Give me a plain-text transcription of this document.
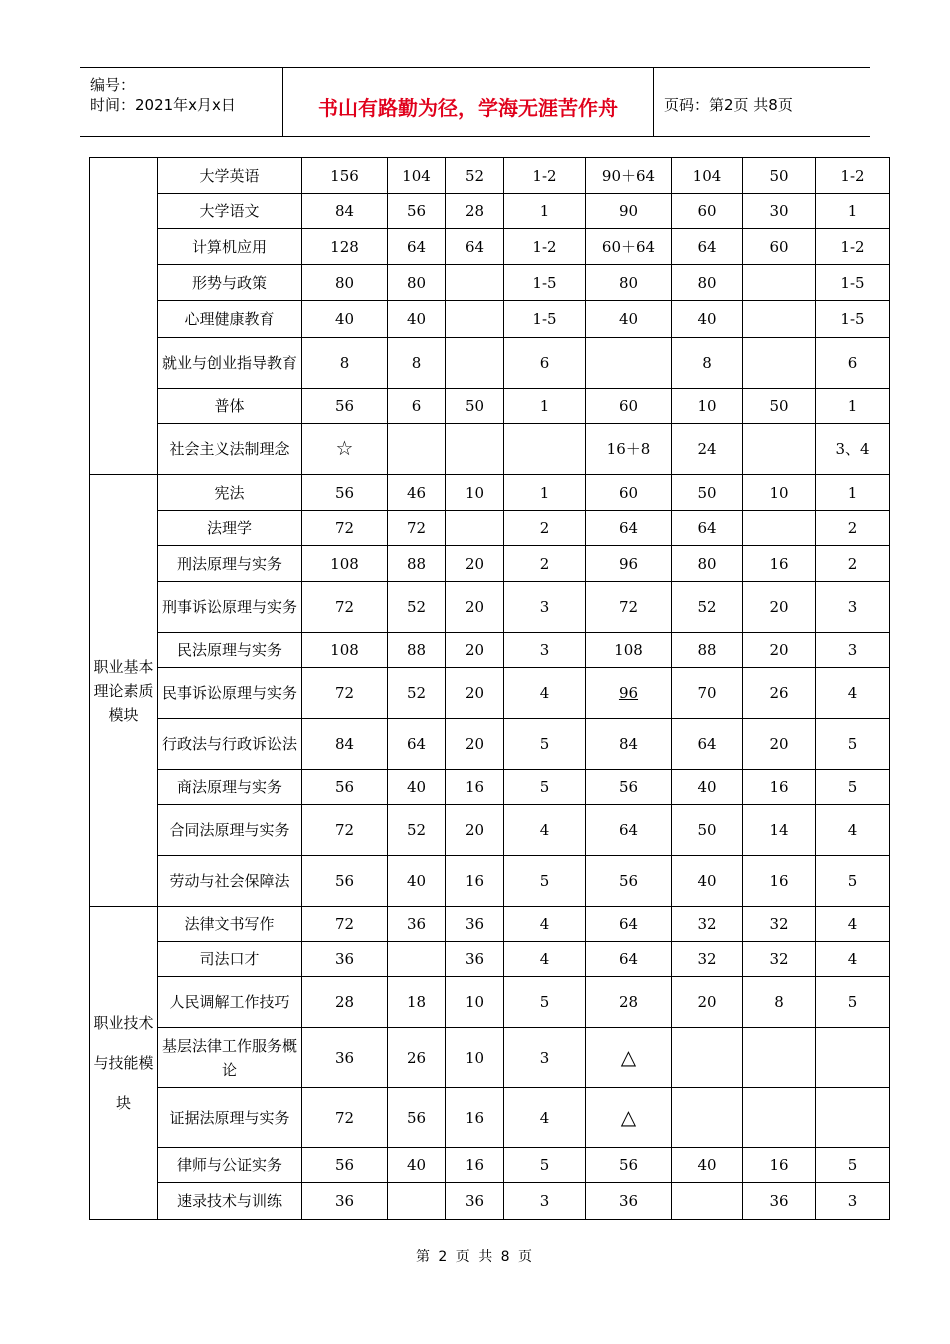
编号：
时间：2021年x月x日	书山有路勤为径，学海无涯苦作舟	页码：第2页 共8页
	大学英语	156	104	52	1-2	90＋64	104	50	1-2
	大学语文	84	56	28	1	90	60	30	1
	计算机应用	128	64	64	1-2	60＋64	64	60	1-2
	形势与政策	80	80		1-5	80	80		1-5
	心理健康教育	40	40		1-5	40	40		1-5
	就业与创业指导教育	8	8		6		8		6
	普体	56	6	50	1	60	10	50	1
	社会主义法制理念	☆				16＋8	24		3、4
职业基本理论素质模块	宪法	56	46	10	1	60	50	10	1
	法理学	72	72		2	64	64		2
	刑法原理与实务	108	88	20	2	96	80	16	2
	刑事诉讼原理与实务	72	52	20	3	72	52	20	3
	民法原理与实务	108	88	20	3	108	88	20	3
	民事诉讼原理与实务	72	52	20	4	96	70	26	4
	行政法与行政诉讼法	84	64	20	5	84	64	20	5
	商法原理与实务	56	40	16	5	56	40	16	5
	合同法原理与实务	72	52	20	4	64	50	14	4
	劳动与社会保障法	56	40	16	5	56	40	16	5
职业技术与技能模块	法律文书写作	72	36	36	4	64	32	32	4
	司法口才	36		36	4	64	32	32	4
	人民调解工作技巧	28	18	10	5	28	20	8	5
	基层法律工作服务概论	36	26	10	3	△			
	证据法原理与实务	72	56	16	4	△			
	律师与公证实务	56	40	16	5	56	40	16	5
	速录技术与训练	36		36	3	36		36	3
第 2 页 共 8 页
